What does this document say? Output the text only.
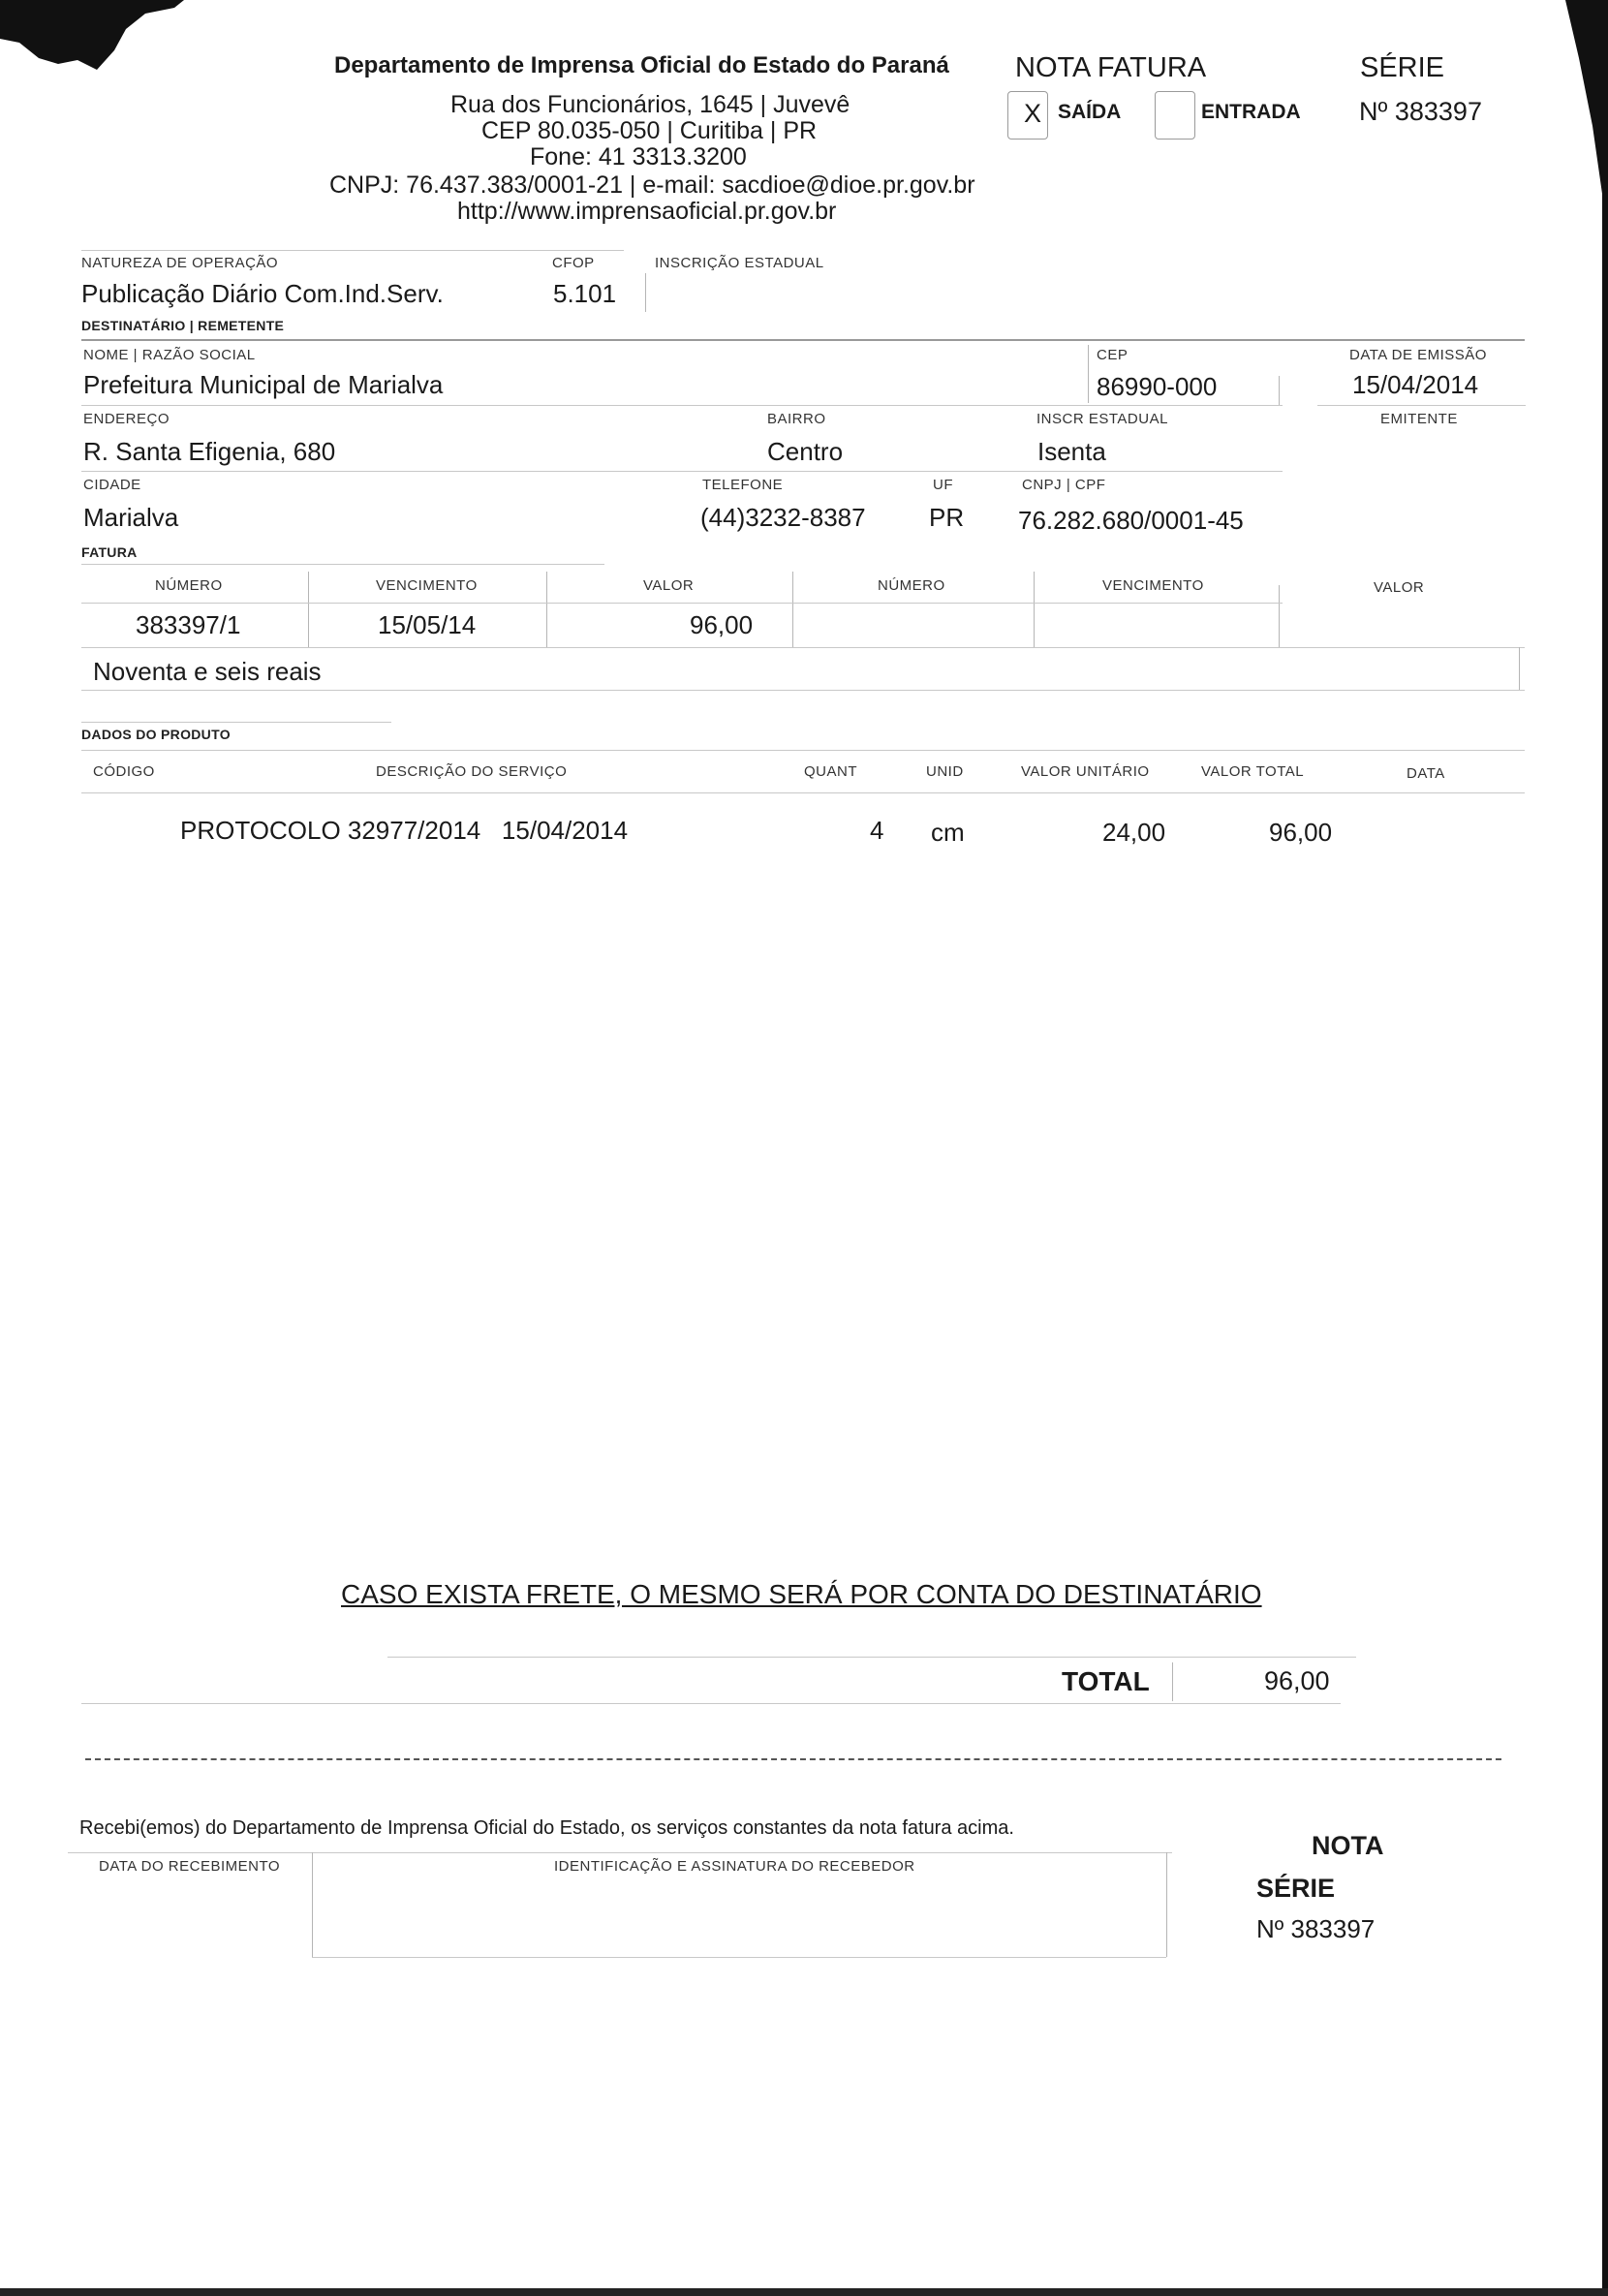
Departamento de Imprensa Oficial do Estado do Paraná
Rua dos Funcionários, 1645 | Juvevê
CEP 80.035-050 | Curitiba | PR
Fone: 41 3313.3200
CNPJ: 76.437.383/0001-21 | e-mail: sacdioe@dioe.pr.gov.br
http://www.imprensaoficial.pr.gov.br
NOTA FATURA
X SAÍDA	ENTRADA
SÉRIE
Nº 383397
NATUREZA DE OPERAÇÃO
Publicação Diário Com.Ind.Serv.
CFOP
5.101
INSCRIÇÃO ESTADUAL
DESTINATÁRIO | REMETENTE
NOME | RAZÃO SOCIAL
Prefeitura Municipal de Marialva
CEP
86990-000
DATA DE EMISSÃO
15/04/2014
ENDEREÇO
R. Santa Efigenia, 680
BAIRRO
Centro
INSCR ESTADUAL
Isenta
EMITENTE
CIDADE
Marialva
TELEFONE
(44)3232-8387
UF
PR
CNPJ | CPF
76.282.680/0001-45
FATURA
NÚMERO	VENCIMENTO	VALOR	NÚMERO	VENCIMENTO	VALOR
383397/1	15/05/14	96,00
Noventa e seis reais
DADOS DO PRODUTO
CÓDIGO	DESCRIÇÃO DO SERVIÇO	QUANT	UNID	VALOR UNITÁRIO	VALOR TOTAL	DATA
PROTOCOLO 32977/2014   15/04/2014	4 cm	24,00	96,00
CASO EXISTA FRETE, O MESMO SERÁ POR CONTA DO DESTINATÁRIO
TOTAL	96,00
Recebi(emos) do Departamento de Imprensa Oficial do Estado, os serviços constantes da nota fatura acima.
DATA DO RECEBIMENTO	IDENTIFICAÇÃO E ASSINATURA DO RECEBEDOR
NOTA
SÉRIE
Nº 383397
